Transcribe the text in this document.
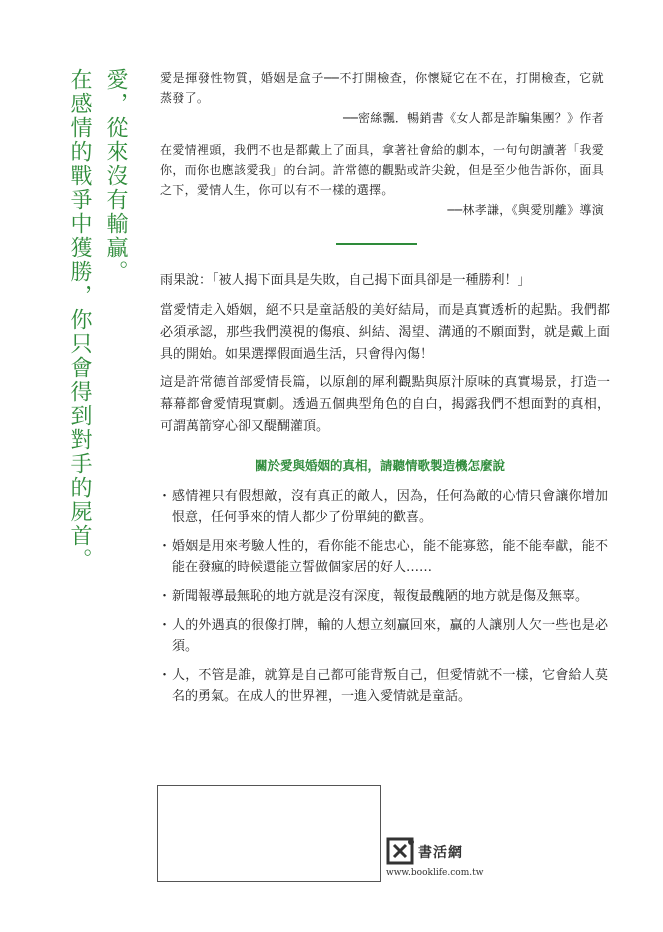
愛，從來沒有輸贏。
在感情的戰爭中獲勝，你只會得到對手的屍首。	愛是揮發性物質，婚姻是盒子──不打開檢查，你懷疑它在不在，打開檢查，它就蒸發了。

──密絲飄．暢銷書《女人都是詐騙集團？》作者

在愛情裡頭，我們不也是都戴上了面具，拿著社會給的劇本，一句句朗讀著「我愛你，而你也應該愛我」的台詞。許常德的觀點或許尖銳，但是至少他告訴你，面具之下，愛情人生，你可以有不一樣的選擇。

──林孝謙，《與愛別離》導演

雨果說：「被人揭下面具是失敗，自己揭下面具卻是一種勝利！」

當愛情走入婚姻，絕不只是童話般的美好結局，而是真實透析的起點。我們都必須承認，那些我們漠視的傷痕、糾結、渴望、溝通的不願面對，就是戴上面具的開始。如果選擇假面過生活，只會得內傷！

這是許常德首部愛情長篇，以原創的犀利觀點與原汁原味的真實場景，打造一幕幕都會愛情現實劇。透過五個典型角色的自白，揭露我們不想面對的真相，可謂萬箭穿心卻又醍醐灌頂。

關於愛與婚姻的真相，請聽情歌製造機怎麼說
・ 感情裡只有假想敵，沒有真正的敵人，因為，任何為敵的心情只會讓你增加恨意，任何爭來的情人都少了份單純的歡喜。
・ 婚姻是用來考驗人性的，看你能不能忠心，能不能寡慾，能不能奉獻，能不能在發瘋的時候還能立誓做個家居的好人……
・ 新聞報導最無恥的地方就是沒有深度，報復最醜陋的地方就是傷及無辜。
・ 人的外遇真的很像打牌，輸的人想立刻贏回來，贏的人讓別人欠一些也是必須。
・ 人，不管是誰，就算是自己都可能背叛自己，但愛情就不一樣，它會給人莫名的勇氣。在成人的世界裡，一進入愛情就是童話。
書活網
www.booklife.com.tw
